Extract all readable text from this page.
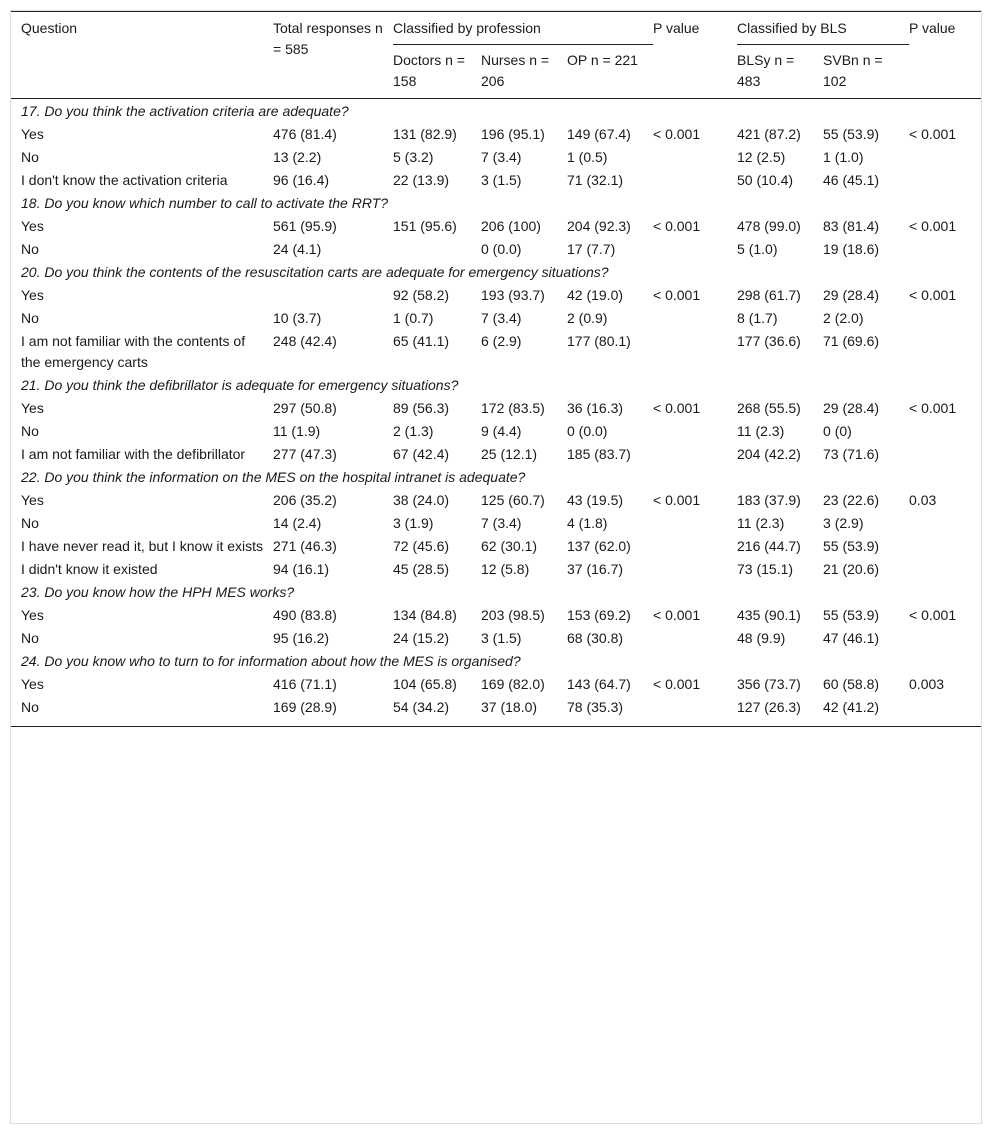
Question	Total responses n = 585	Classified by profession			P value	Classified by BLS		P value
		Doctors n = 158	Nurses n = 206	OP n = 221		BLSy n = 483	SVBn n = 102	
17. Do you think the activation criteria are adequate?								
Yes	476 (81.4)	131 (82.9)	196 (95.1)	149 (67.4)	< 0.001	421 (87.2)	55 (53.9)	< 0.001
No	13 (2.2)	5 (3.2)	7 (3.4)	1 (0.5)		12 (2.5)	1 (1.0)	
I don't know the activation criteria	96 (16.4)	22 (13.9)	3 (1.5)	71 (32.1)		50 (10.4)	46 (45.1)	
18. Do you know which number to call to activate the RRT?								
Yes	561 (95.9)	151 (95.6)	206 (100)	204 (92.3)	< 0.001	478 (99.0)	83 (81.4)	< 0.001
No	24 (4.1)		0 (0.0)	17 (7.7)		5 (1.0)	19 (18.6)	
20. Do you think the contents of the resuscitation carts are adequate for emergency situations?								
Yes		92 (58.2)	193 (93.7)	42 (19.0)	< 0.001	298 (61.7)	29 (28.4)	< 0.001
No	10 (3.7)	1 (0.7)	7 (3.4)	2 (0.9)		8 (1.7)	2 (2.0)	
I am not familiar with the contents of the emergency carts	248 (42.4)	65 (41.1)	6 (2.9)	177 (80.1)		177 (36.6)	71 (69.6)	
21. Do you think the defibrillator is adequate for emergency situations?								
Yes	297 (50.8)	89 (56.3)	172 (83.5)	36 (16.3)	< 0.001	268 (55.5)	29 (28.4)	< 0.001
No	11 (1.9)	2 (1.3)	9 (4.4)	0 (0.0)		11 (2.3)	0 (0)	
I am not familiar with the defibrillator	277 (47.3)	67 (42.4)	25 (12.1)	185 (83.7)		204 (42.2)	73 (71.6)	
22. Do you think the information on the MES on the hospital intranet is adequate?								
Yes	206 (35.2)	38 (24.0)	125 (60.7)	43 (19.5)	< 0.001	183 (37.9)	23 (22.6)	0.03
No	14 (2.4)	3 (1.9)	7 (3.4)	4 (1.8)		11 (2.3)	3 (2.9)	
I have never read it, but I know it exists	271 (46.3)	72 (45.6)	62 (30.1)	137 (62.0)		216 (44.7)	55 (53.9)	
I didn't know it existed	94 (16.1)	45 (28.5)	12 (5.8)	37 (16.7)		73 (15.1)	21 (20.6)	
23. Do you know how the HPH MES works?								
Yes	490 (83.8)	134 (84.8)	203 (98.5)	153 (69.2)	< 0.001	435 (90.1)	55 (53.9)	< 0.001
No	95 (16.2)	24 (15.2)	3 (1.5)	68 (30.8)		48 (9.9)	47 (46.1)	
24. Do you know who to turn to for information about how the MES is organised?								
Yes	416 (71.1)	104 (65.8)	169 (82.0)	143 (64.7)	< 0.001	356 (73.7)	60 (58.8)	0.003
No	169 (28.9)	54 (34.2)	37 (18.0)	78 (35.3)		127 (26.3)	42 (41.2)	
